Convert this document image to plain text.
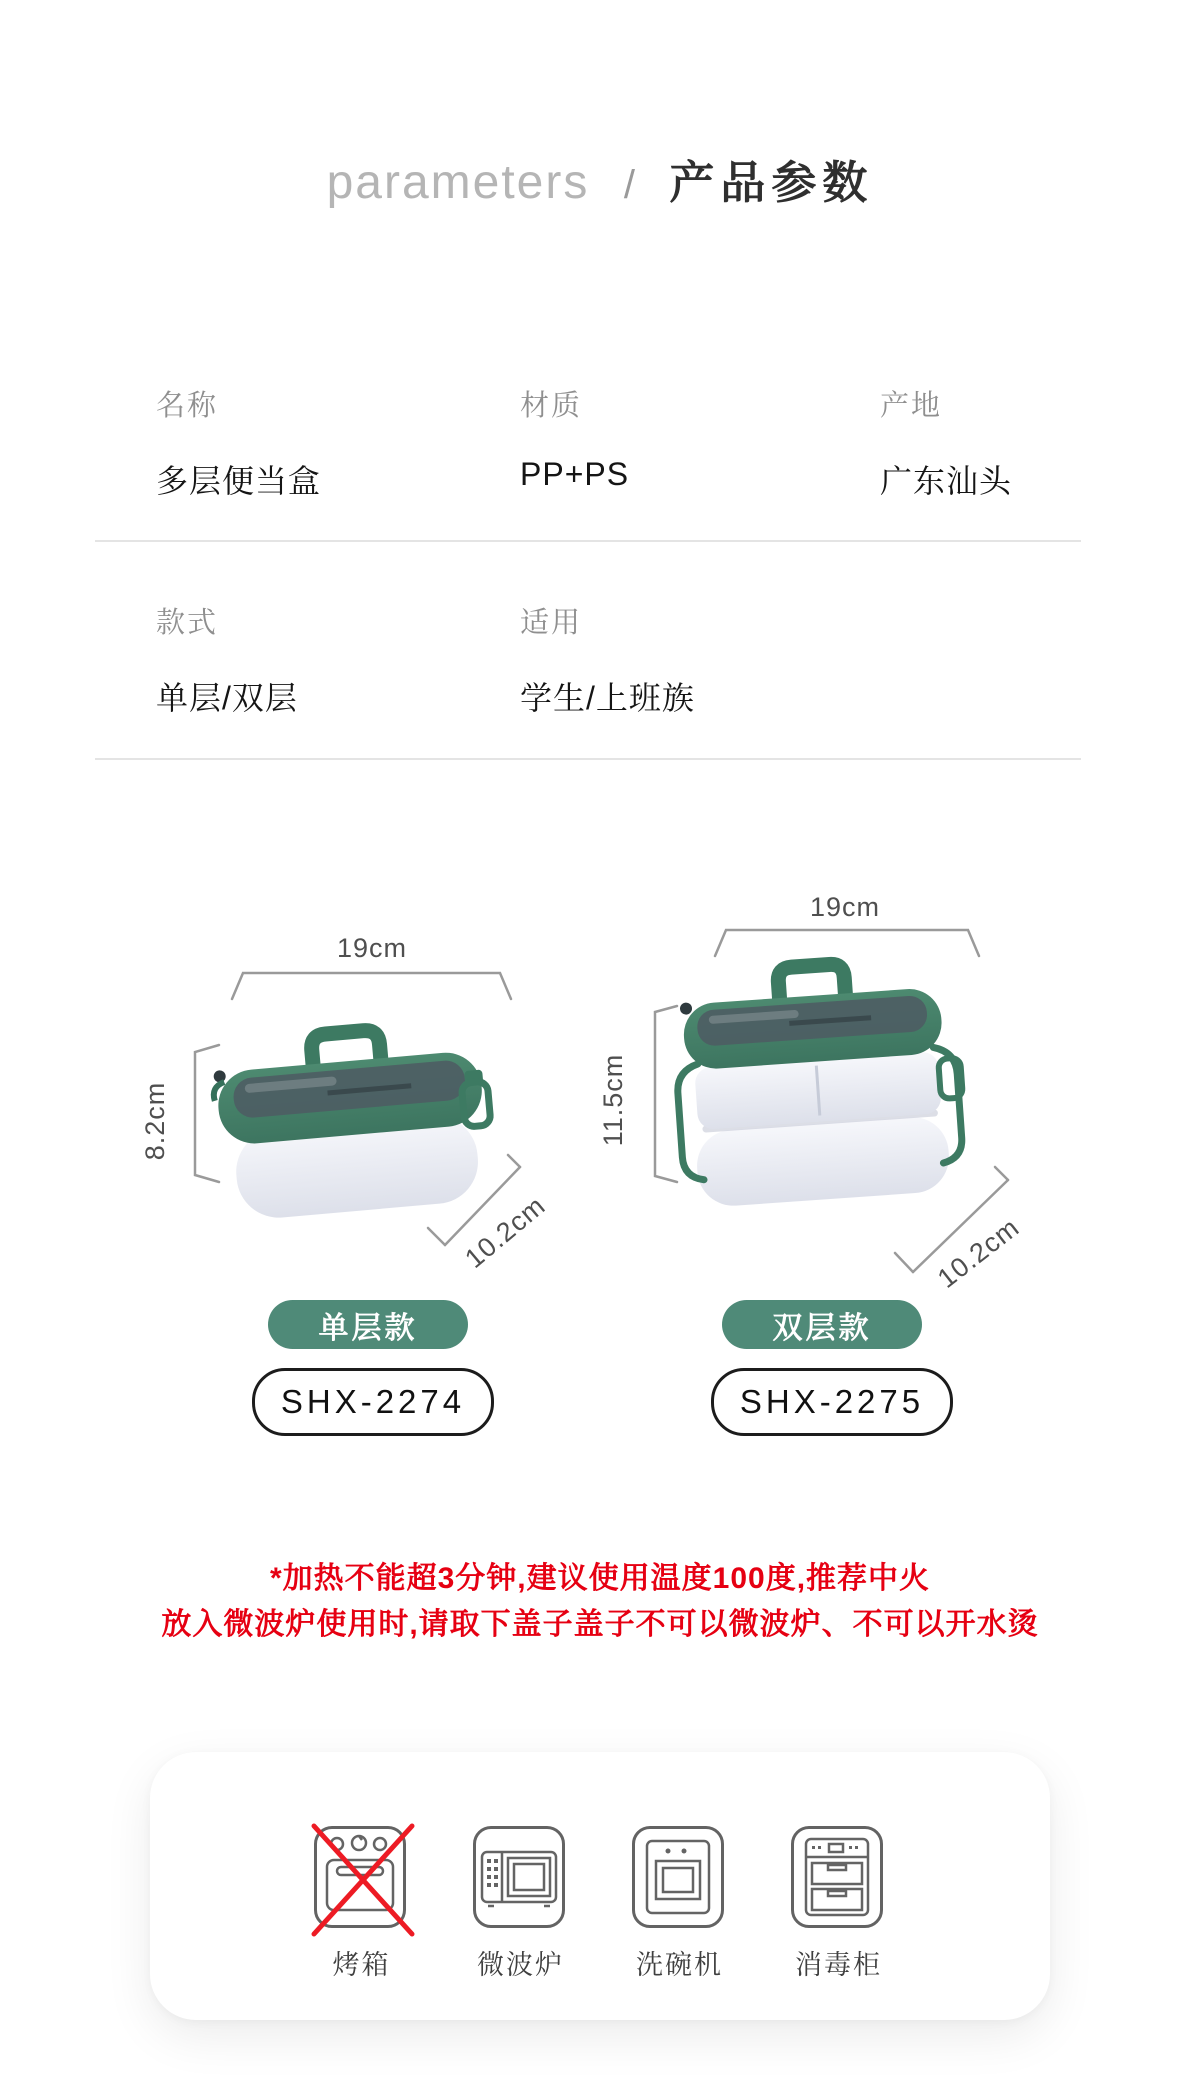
parameters / 产品参数
名称
多层便当盒
材质
PP+PS
产地
广东汕头
款式
单层/双层
适用
学生/上班族
19cm
8.2cm
10.2cm
19cm
11.5cm
10.2cm
单层款	双层款
SHX-2274	SHX-2275
*加热不能超3分钟,建议使用温度100度,推荐中火
放入微波炉使用时,请取下盖子盖子不可以微波炉、不可以开水烫
烤箱	微波炉	洗碗机	消毒柜
